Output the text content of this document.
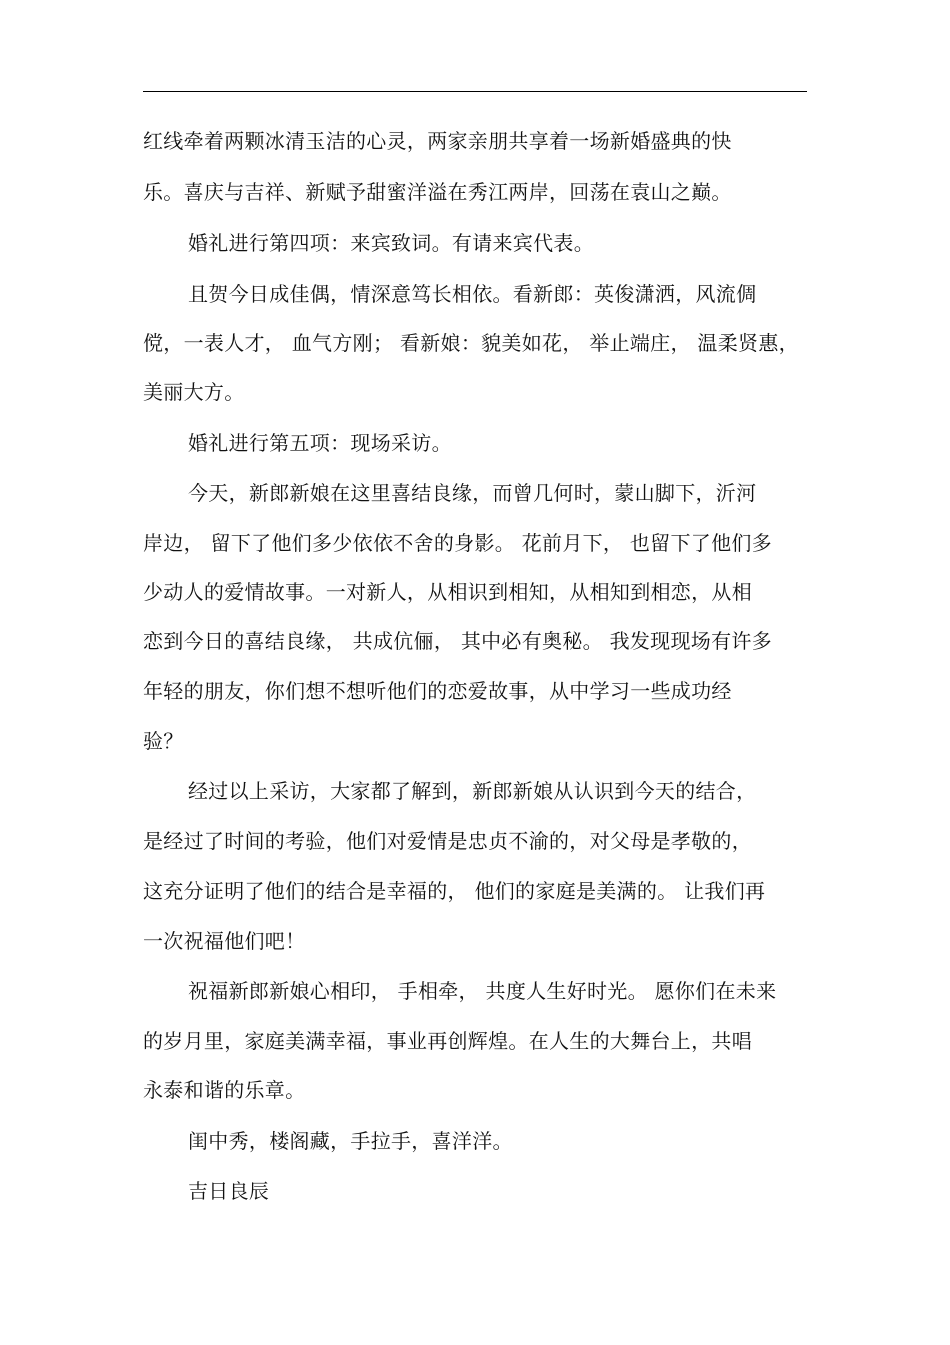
红线牵着两颗冰清玉洁的心灵，两家亲朋共享着一场新婚盛典的快
乐。喜庆与吉祥、新赋予甜蜜洋溢在秀江两岸，回荡在袁山之巅。
婚礼进行第四项：来宾致词。有请来宾代表。
且贺今日成佳偶，情深意笃长相依。看新郎：英俊潇洒，风流倜
傥，一表人才， 血气方刚； 看新娘：貌美如花， 举止端庄， 温柔贤惠，
美丽大方。
婚礼进行第五项：现场采访。
今天，新郎新娘在这里喜结良缘，而曾几何时，蒙山脚下，沂河
岸边， 留下了他们多少依依不舍的身影。 花前月下， 也留下了他们多
少动人的爱情故事。一对新人，从相识到相知，从相知到相恋，从相
恋到今日的喜结良缘， 共成伉俪， 其中必有奥秘。 我发现现场有许多
年轻的朋友，你们想不想听他们的恋爱故事，从中学习一些成功经
验？
经过以上采访，大家都了解到，新郎新娘从认识到今天的结合，
是经过了时间的考验，他们对爱情是忠贞不渝的，对父母是孝敬的，
这充分证明了他们的结合是幸福的， 他们的家庭是美满的。 让我们再
一次祝福他们吧！
祝福新郎新娘心相印， 手相牵， 共度人生好时光。 愿你们在未来
的岁月里，家庭美满幸福，事业再创辉煌。在人生的大舞台上，共唱
永泰和谐的乐章。
闺中秀，楼阁藏，手拉手，喜洋洋。
吉日良辰
